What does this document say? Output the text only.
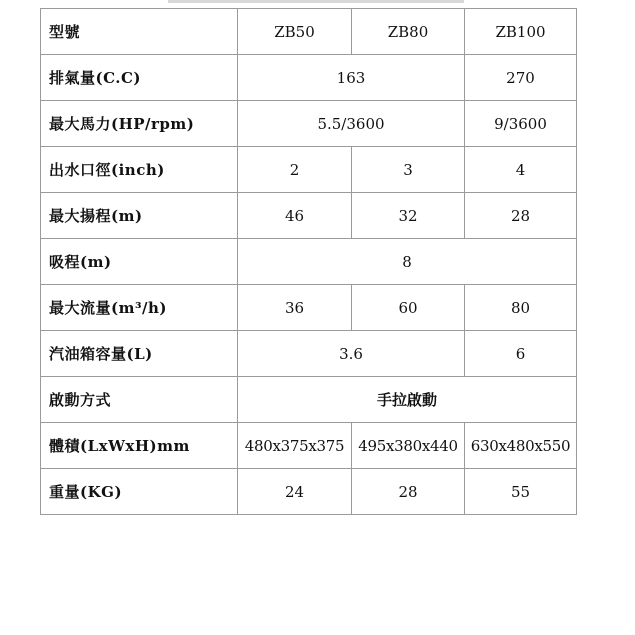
型號	ZB50	ZB80	ZB100
排氣量(C.C)	163		270
最大馬力(HP/rpm)	5.5/3600		9/3600
出水口徑(inch)	2	3	4
最大揚程(m)	46	32	28
吸程(m)	8		
最大流量(m³/h)	36	60	80
汽油箱容量(L)	3.6		6
啟動方式	手拉啟動		
體積(LxWxH)mm	480x375x375	495x380x440	630x480x550
重量(KG)	24	28	55
